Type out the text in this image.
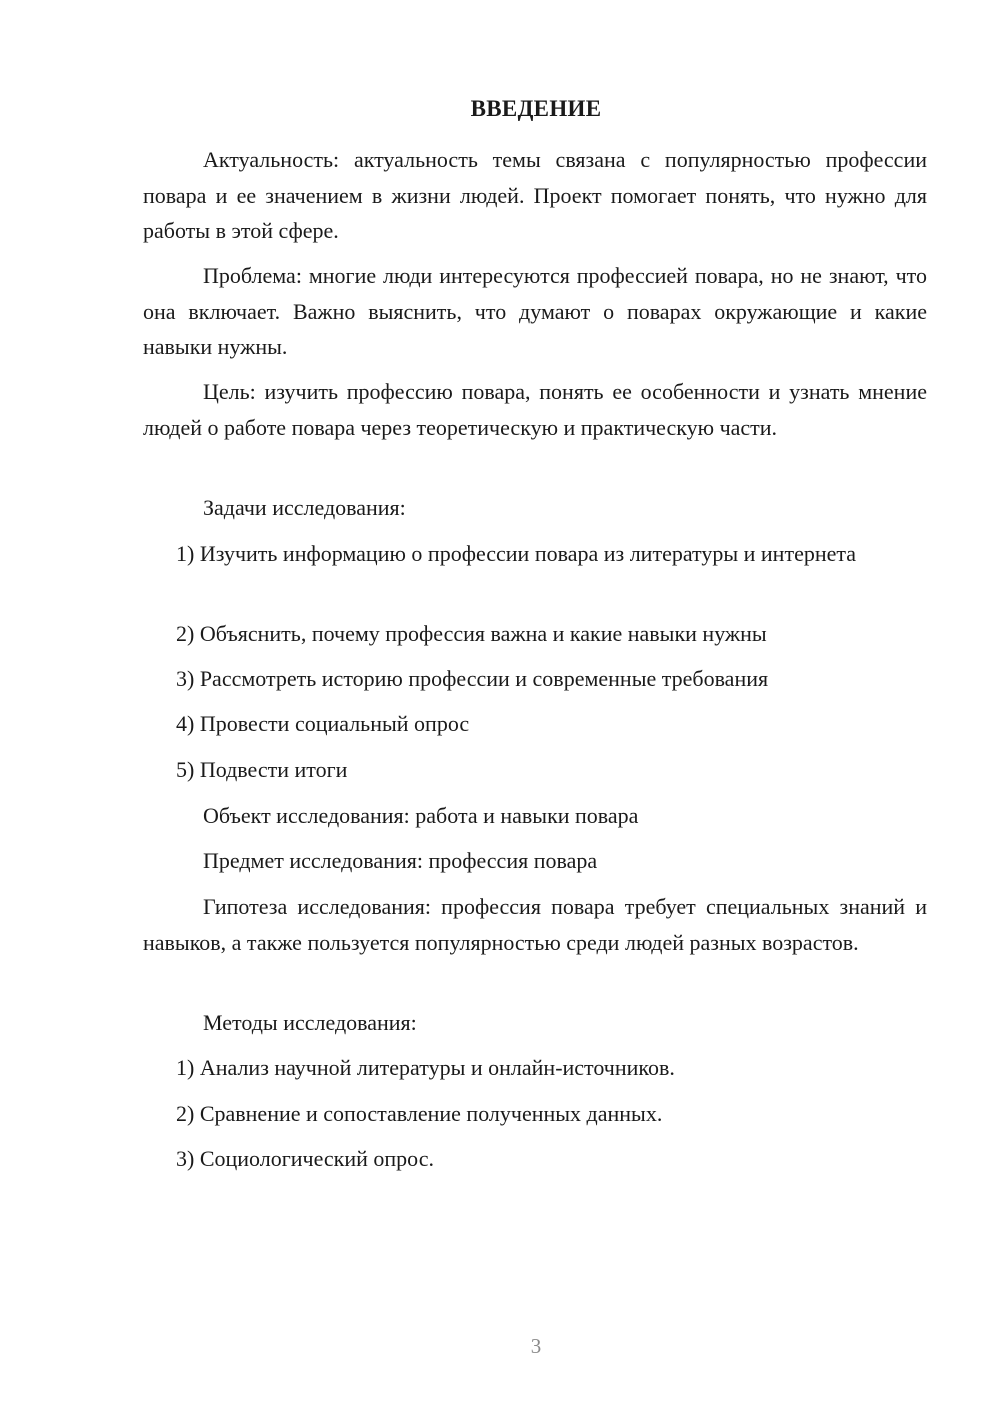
ВВЕДЕНИЕ
Актуальность: актуальность темы связана с популярностью профессии повара и ее значением в жизни людей. Проект помогает понять, что нужно для работы в этой сфере.
Проблема: многие люди интересуются профессией повара, но не знают, что она включает. Важно выяснить, что думают о поварах окружающие и какие навыки нужны.
Цель: изучить профессию повара, понять ее особенности и узнать мнение людей о работе повара через теоретическую и практическую части.
Задачи исследования:
1) Изучить информацию о профессии повара из литературы и интернета
2) Объяснить, почему профессия важна и какие навыки нужны
3) Рассмотреть историю профессии и современные требования
4) Провести социальный опрос
5) Подвести итоги
Объект исследования: работа и навыки повара
Предмет исследования: профессия повара
Гипотеза исследования: профессия повара требует специальных знаний и навыков, а также пользуется популярностью среди людей разных возрастов.
Методы исследования:
1) Анализ научной литературы и онлайн-источников.
2) Сравнение и сопоставление полученных данных.
3) Социологический опрос.
3
